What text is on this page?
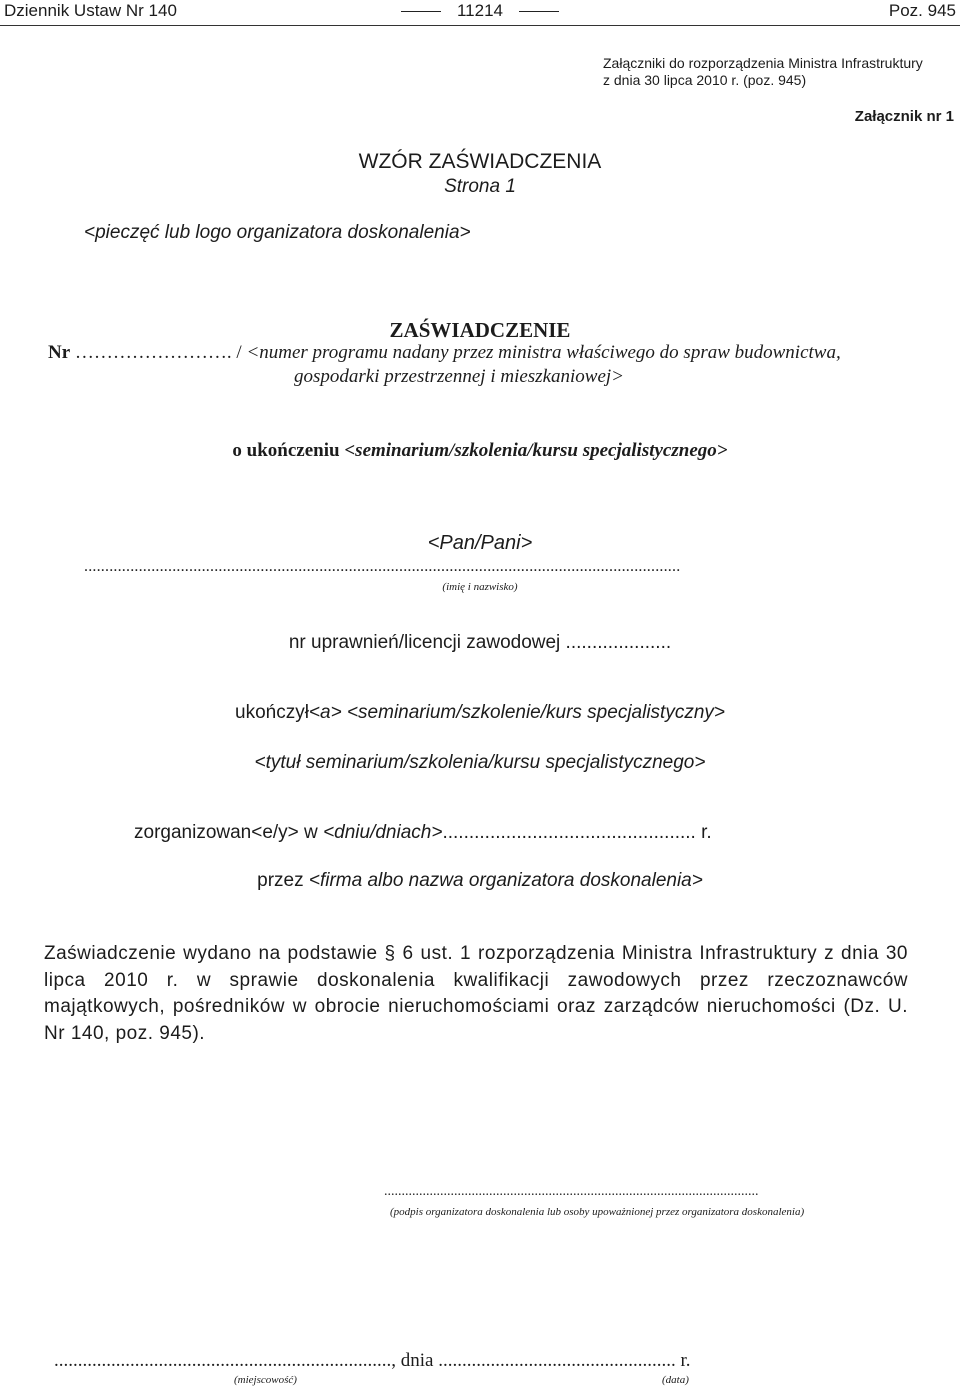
Dziennik Ustaw Nr 140	11214	Poz. 945
Załączniki do rozporządzenia Ministra Infrastruktury
z dnia 30 lipca 2010 r. (poz. 945)
Załącznik nr 1
WZÓR ZAŚWIADCZENIA
Strona 1
<pieczęć lub logo organizatora doskonalenia>
ZAŚWIADCZENIE
Nr ……………………. / <numer programu nadany przez ministra właściwego do spraw budownictwa,
gospodarki przestrzennej i mieszkaniowej>
o ukończeniu <seminarium/szkolenia/kursu specjalistycznego>
<Pan/Pani>
..............................................................................................................................................
(imię i nazwisko)
nr uprawnień/licencji zawodowej ....................
ukończył<a> <seminarium/szkolenie/kurs specjalistyczny>
<tytuł seminarium/szkolenia/kursu specjalistycznego>
zorganizowan<e/y> w <dniu/dniach>................................................ r.
przez <firma albo nazwa organizatora doskonalenia>
Zaświadczenie wydano na podstawie § 6 ust. 1 rozporządzenia Ministra Infrastruktury z dnia 30 lipca 2010 r. w sprawie doskonalenia kwalifikacji zawodowych przez rzeczoznawców majątkowych, pośredników w obrocie nieruchomościami oraz zarządców nieruchomości (Dz. U. Nr 140, poz. 945).
...........................................................................................................
(podpis organizatora doskonalenia lub osoby upoważnionej przez organizatora doskonalenia)
......................................................................., dnia .................................................. r.
(miejscowość)	(data)
